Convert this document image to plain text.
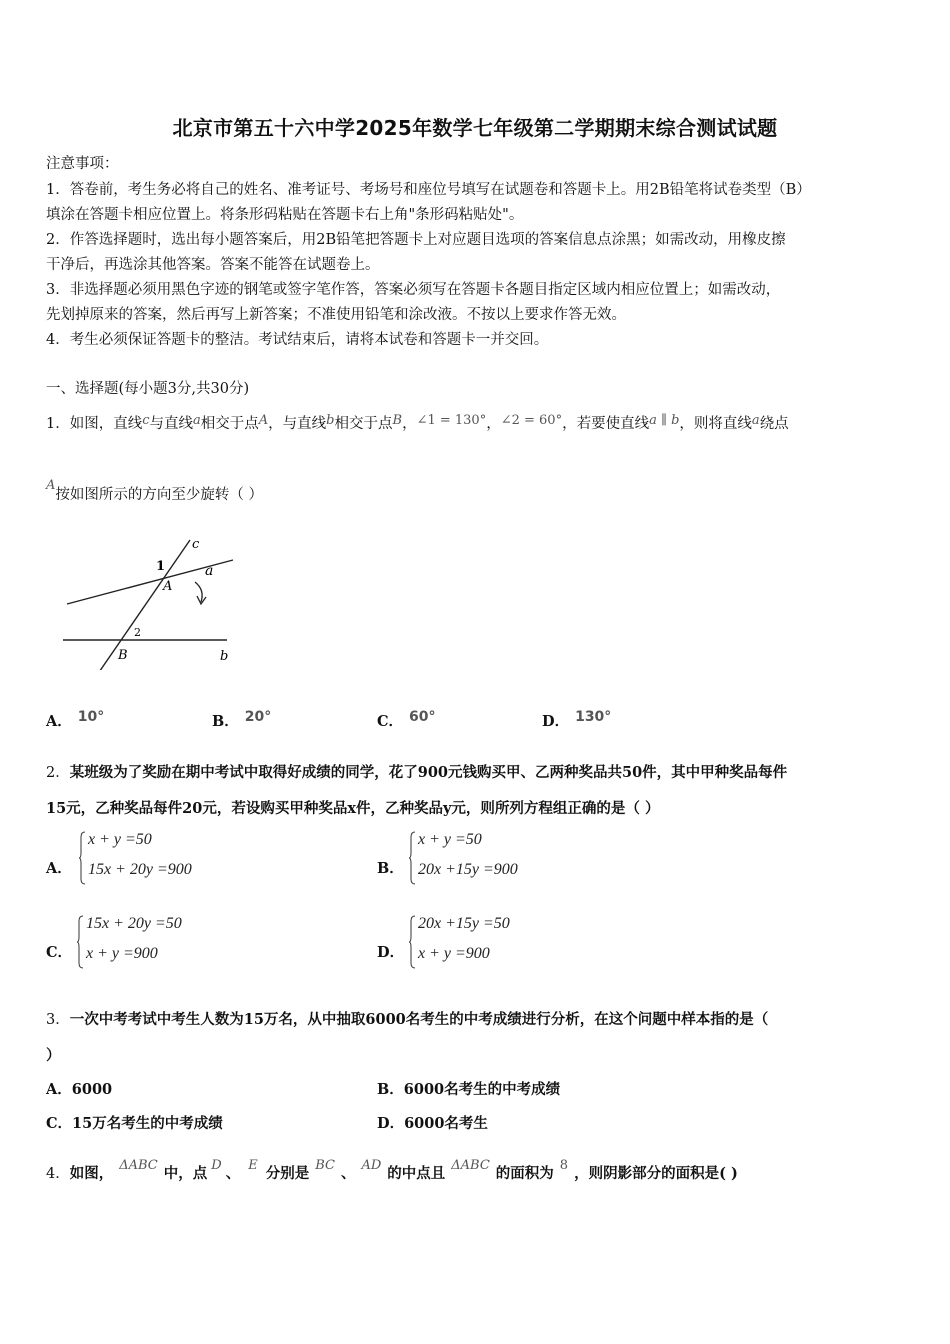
北京市第五十六中学2025年数学七年级第二学期期末综合测试试题
注意事项：
1．答卷前，考生务必将自己的姓名、准考证号、考场号和座位号填写在试题卷和答题卡上。用2B铅笔将试卷类型（B）
填涂在答题卡相应位置上。将条形码粘贴在答题卡右上角"条形码粘贴处"。
2．作答选择题时，选出每小题答案后，用2B铅笔把答题卡上对应题目选项的答案信息点涂黑；如需改动，用橡皮擦
干净后，再选涂其他答案。答案不能答在试题卷上。
3．非选择题必须用黑色字迹的钢笔或签字笔作答，答案必须写在答题卡各题目指定区域内相应位置上；如需改动，
先划掉原来的答案，然后再写上新答案；不准使用铅笔和涂改液。不按以上要求作答无效。
4．考生必须保证答题卡的整洁。考试结束后，请将本试卷和答题卡一并交回。
一、选择题(每小题3分,共30分)
1．如图，直线c与直线a相交于点A，与直线b相交于点B，∠1 = 130°，∠2 = 60°，若要使直线a ∥ b，则将直线a绕点
A按如图所示的方向至少旋转（ ）
1
A
a
c
2
B	b
A． 10°	B． 20°	C． 60°	D． 130°
2．某班级为了奖励在期中考试中取得好成绩的同学，花了900元钱购买甲、乙两种奖品共50件，其中甲种奖品每件
15元，乙种奖品每件20元，若设购买甲种奖品x件，乙种奖品y元，则所列方程组正确的是（ ）
A．
x + y =50
15x + 20y =900	B．
x + y =50
20x +15y =900
C．
15x + 20y =50
x + y =900	D．
20x +15y =50
x + y =900
3．一次中考考试中考生人数为15万名，从中抽取6000名考生的中考成绩进行分析，在这个问题中样本指的是（
）
A．6000	B．6000名考生的中考成绩
C．15万名考生的中考成绩	D．6000名考生
4．如图， ΔABC 中，点 D 、 E 分别是 BC 、 AD 的中点且 ΔABC 的面积为 8 ，则阴影部分的面积是( )
